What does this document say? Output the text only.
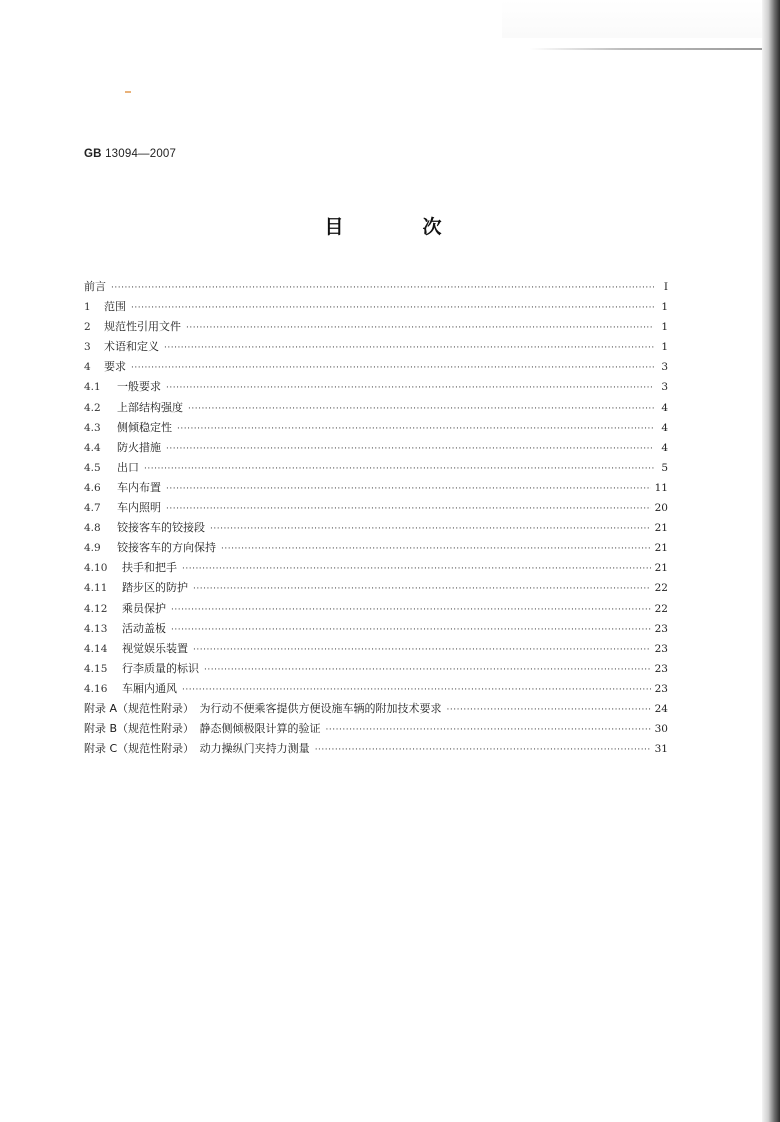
GB 13094—2007
目　次
前言 ·····	I
1	范围 ·····	1
2	规范性引用文件 ·····	1
3	术语和定义 ·····	1
4	要求 ·····	3
4.1	一般要求 ·····	3
4.2	上部结构强度 ·····	4
4.3	侧倾稳定性 ·····	4
4.4	防火措施 ·····	4
4.5	出口 ·····	5
4.6	车内布置 ·····	11
4.7	车内照明 ·····	20
4.8	铰接客车的铰接段 ·····	21
4.9	铰接客车的方向保持 ·····	21
4.10	扶手和把手 ·····	21
4.11	踏步区的防护 ·····	22
4.12	乘员保护 ·····	22
4.13	活动盖板 ·····	23
4.14	视觉娱乐装置 ·····	23
4.15	行李质量的标识 ·····	23
4.16	车厢内通风 ·····	23
附录 A（规范性附录）　为行动不便乘客提供方便设施车辆的附加技术要求 ·····	24
附录 B（规范性附录）　静态侧倾极限计算的验证 ·····	30
附录 C（规范性附录）　动力操纵门夹持力测量 ·····	31
